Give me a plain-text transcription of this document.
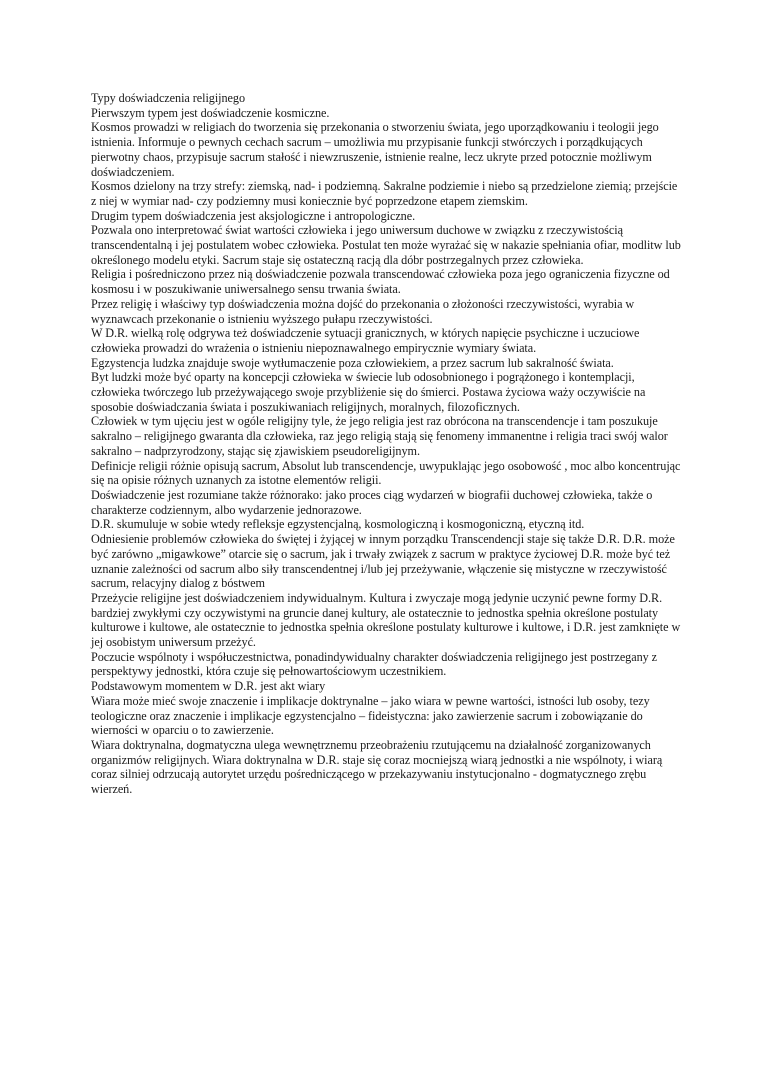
Typy doświadczenia religijnego

Pierwszym typem jest doświadczenie kosmiczne.

Kosmos prowadzi w religiach do tworzenia się przekonania o stworzeniu świata, jego uporządkowaniu i teologii jego istnienia. Informuje o pewnych cechach sacrum – umożliwia mu przypisanie funkcji stwórczych i porządkujących pierwotny chaos, przypisuje sacrum stałość i niewzruszenie, istnienie realne, lecz ukryte przed potocznie możliwym doświadczeniem.

Kosmos dzielony na trzy strefy: ziemską, nad- i podziemną. Sakralne podziemie i niebo są przedzielone ziemią; przejście z niej w wymiar nad- czy podziemny musi koniecznie być poprzedzone etapem ziemskim.

Drugim typem doświadczenia jest aksjologiczne i antropologiczne.

Pozwala ono interpretować świat wartości człowieka i jego uniwersum duchowe w związku z rzeczywistością transcendentalną i jej postulatem wobec człowieka. Postulat ten może wyrażać się w nakazie spełniania ofiar, modlitw lub określonego modelu etyki. Sacrum staje się ostateczną racją dla dóbr postrzegalnych przez człowieka.

Religia i pośredniczono przez nią doświadczenie pozwala transcendować człowieka poza jego ograniczenia fizyczne od kosmosu i w poszukiwanie uniwersalnego sensu trwania świata.

Przez religię i właściwy typ doświadczenia można dojść do przekonania o złożoności rzeczywistości, wyrabia w wyznawcach przekonanie o istnieniu wyższego pułapu rzeczywistości.

W D.R. wielką rolę odgrywa też doświadczenie sytuacji granicznych, w których napięcie psychiczne i uczuciowe człowieka prowadzi do wrażenia o istnieniu niepoznawalnego empirycznie wymiary świata.

Egzystencja ludzka znajduje swoje wytłumaczenie poza człowiekiem, a przez sacrum lub sakralność świata.

Byt ludzki może być oparty na koncepcji człowieka w świecie lub odosobnionego i pogrążonego i kontemplacji, człowieka twórczego lub przeżywającego swoje przybliżenie się do śmierci. Postawa życiowa waży oczywiście na sposobie doświadczania świata i poszukiwaniach religijnych, moralnych, filozoficznych.

Człowiek w tym ujęciu jest w ogóle religijny tyle, że jego religia jest raz obrócona na transcendencje i tam poszukuje sakralno – religijnego gwaranta dla człowieka, raz jego religią stają się fenomeny immanentne i religia traci swój walor sakralno – nadprzyrodzony, stając się zjawiskiem pseudoreligijnym.

Definicje religii różnie opisują sacrum, Absolut lub transcendencje, uwypuklając jego osobowość , moc albo koncentrując się na opisie różnych uznanych za istotne elementów religii.

Doświadczenie jest rozumiane także różnorako: jako proces ciąg wydarzeń w biografii duchowej człowieka, także o charakterze codziennym, albo wydarzenie jednorazowe.

D.R. skumuluje w sobie wtedy refleksje egzystencjalną, kosmologiczną i kosmogoniczną, etyczną itd.

Odniesienie problemów człowieka do świętej i żyjącej w innym porządku Transcendencji staje się także D.R. D.R. może być zarówno „migawkowe” otarcie się o sacrum, jak i trwały związek z sacrum w praktyce życiowej D.R. może być też uznanie zależności od sacrum albo siły transcendentnej i/lub jej przeżywanie, włączenie się mistyczne w rzeczywistość sacrum, relacyjny dialog z bóstwem

Przeżycie religijne jest doświadczeniem indywidualnym. Kultura i zwyczaje mogą jedynie uczynić pewne formy D.R. bardziej zwykłymi czy oczywistymi na gruncie danej kultury, ale ostatecznie to jednostka spełnia określone postulaty kulturowe i kultowe, ale ostatecznie to jednostka spełnia określone postulaty kulturowe i kultowe, i D.R. jest zamknięte w jej osobistym uniwersum przeżyć.

Poczucie wspólnoty i współuczestnictwa, ponadindywidualny charakter doświadczenia religijnego jest postrzegany z perspektywy jednostki, która czuje się pełnowartościowym uczestnikiem.

Podstawowym momentem w D.R. jest akt wiary

Wiara może mieć swoje znaczenie i implikacje doktrynalne – jako wiara w pewne wartości, istności lub osoby, tezy teologiczne oraz znaczenie i implikacje egzystencjalno – fideistyczna: jako zawierzenie sacrum i zobowiązanie do wierności w oparciu o to zawierzenie.

Wiara doktrynalna, dogmatyczna ulega wewnętrznemu przeobrażeniu rzutującemu na działalność zorganizowanych organizmów religijnych. Wiara doktrynalna w D.R. staje się coraz mocniejszą wiarą jednostki a nie wspólnoty, i wiarą coraz silniej odrzucają autorytet urzędu pośredniczącego w przekazywaniu instytucjonalno - dogmatycznego zrębu wierzeń.
